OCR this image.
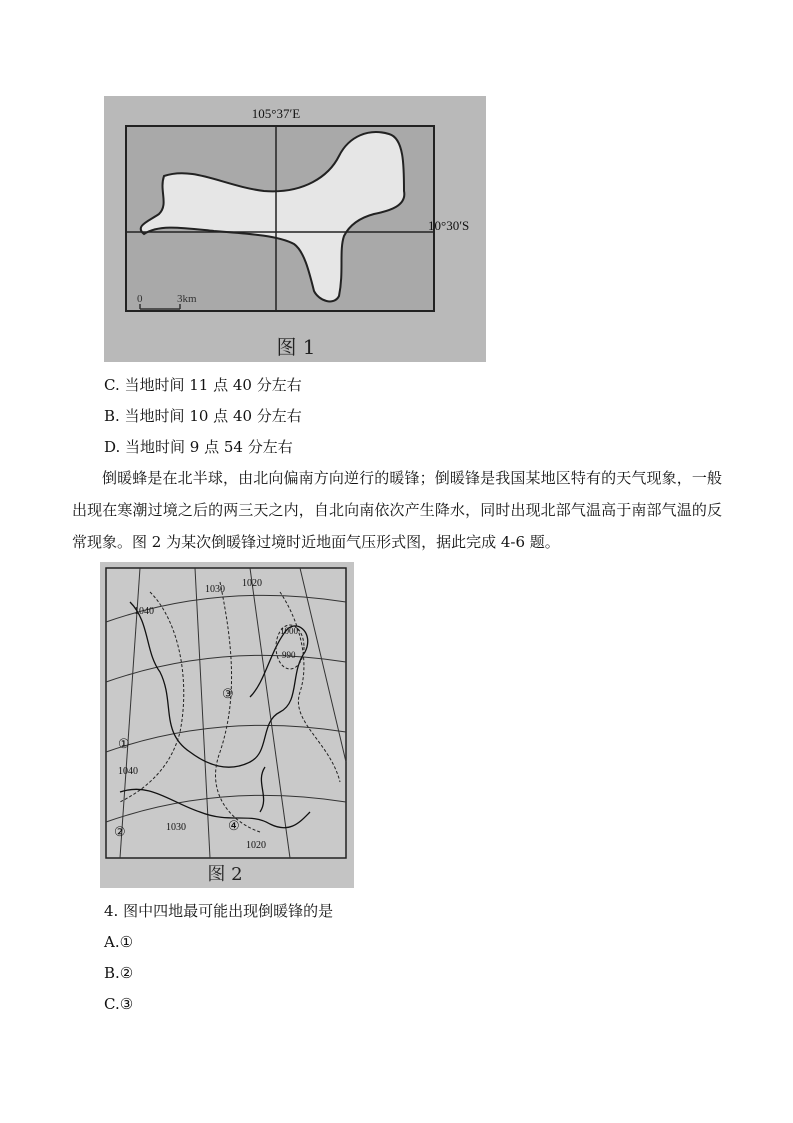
105°37′E
10°30′S
0	3km
图 1
C. 当地时间 11 点 40 分左右
B. 当地时间 10 点 40 分左右
D. 当地时间 9 点 54 分左右
倒暖蜂是在北半球，由北向偏南方向逆行的暖锋；倒暖锋是我国某地区特有的天气现象，一般出现在寒潮过境之后的两三天之内，自北向南依次产生降水，同时出现北部气温高于南部气温的反常现象。图 2 为某次倒暖锋过境时近地面气压形式图，据此完成 4-6 题。
1040
1030
1020
1000
990
1040
1030
1020
①
②
③
④
图 2
4. 图中四地最可能出现倒暖锋的是
A.①
B.②
C.③
